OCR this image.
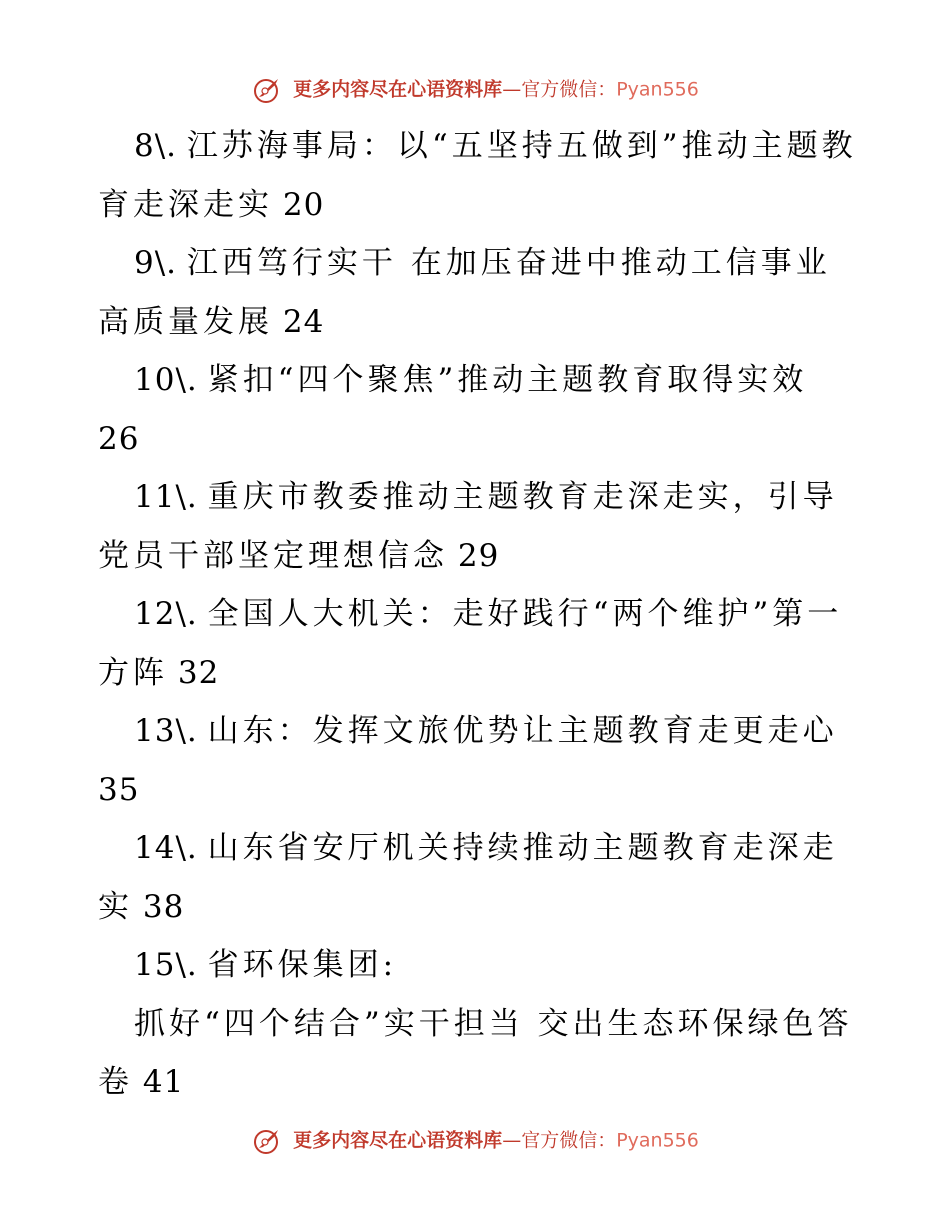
更多内容尽在心语资料库—官方微信：Pyan556

8\. 江苏海事局：以“五坚持五做到”推动主题教育走深走实 20

9\. 江西笃行实干 在加压奋进中推动工信事业高质量发展 24

10\. 紧扣“四个聚焦”推动主题教育取得实效 26

11\. 重庆市教委推动主题教育走深走实，引导党员干部坚定理想信念 29

12\. 全国人大机关：走好践行“两个维护”第一方阵 32

13\. 山东：发挥文旅优势让主题教育走更走心 35

14\. 山东省安厅机关持续推动主题教育走深走实 38

15\. 省环保集团:

抓好“四个结合”实干担当 交出生态环保绿色答卷 41

更多内容尽在心语资料库—官方微信：Pyan556
